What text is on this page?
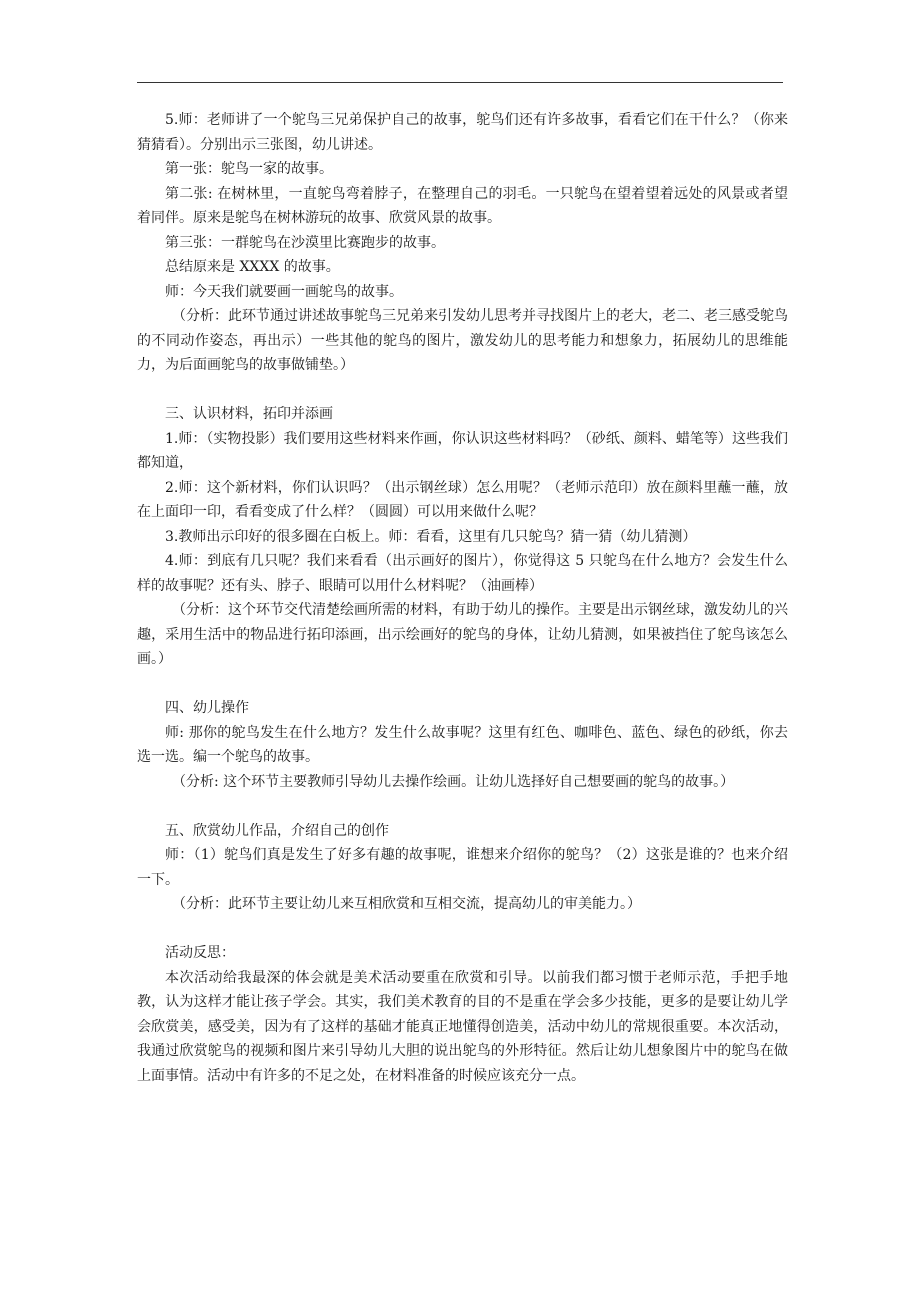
5.师：老师讲了一个鸵鸟三兄弟保护自己的故事，鸵鸟们还有许多故事，看看它们在干什么？（你来猜猜看）。分别出示三张图，幼儿讲述。
第一张：鸵鸟一家的故事。
第二张: 在树林里，一直鸵鸟弯着脖子，在整理自己的羽毛。一只鸵鸟在望着望着远处的风景或者望着同伴。原来是鸵鸟在树林游玩的故事、欣赏风景的故事。
第三张：一群鸵鸟在沙漠里比赛跑步的故事。
总结原来是 XXXX 的故事。
师：今天我们就要画一画鸵鸟的故事。
（分析：此环节通过讲述故事鸵鸟三兄弟来引发幼儿思考并寻找图片上的老大，老二、老三感受鸵鸟的不同动作姿态，再出示）一些其他的鸵鸟的图片，激发幼儿的思考能力和想象力，拓展幼儿的思维能力，为后面画鸵鸟的故事做铺垫。）
三、认识材料，拓印并添画
1.师：（实物投影）我们要用这些材料来作画，你认识这些材料吗？（砂纸、颜料、蜡笔等）这些我们都知道，
2.师：这个新材料，你们认识吗？（出示钢丝球）怎么用呢？（老师示范印）放在颜料里蘸一蘸，放在上面印一印，看看变成了什么样？（圆圆）可以用来做什么呢？
3.教师出示印好的很多圈在白板上。师：看看，这里有几只鸵鸟？猜一猜（幼儿猜测）
4.师：到底有几只呢？我们来看看（出示画好的图片），你觉得这 5 只鸵鸟在什么地方？会发生什么样的故事呢？还有头、脖子、眼睛可以用什么材料呢？（油画棒）
（分析：这个环节交代清楚绘画所需的材料，有助于幼儿的操作。主要是出示钢丝球，激发幼儿的兴趣，采用生活中的物品进行拓印添画，出示绘画好的鸵鸟的身体，让幼儿猜测，如果被挡住了鸵鸟该怎么画。）
四、幼儿操作
师: 那你的鸵鸟发生在什么地方？发生什么故事呢？这里有红色、咖啡色、蓝色、绿色的砂纸，你去选一选。编一个鸵鸟的故事。
（分析: 这个环节主要教师引导幼儿去操作绘画。让幼儿选择好自己想要画的鸵鸟的故事。）
五、欣赏幼儿作品，介绍自己的创作
师：（1）鸵鸟们真是发生了好多有趣的故事呢，谁想来介绍你的鸵鸟？（2）这张是谁的？也来介绍一下。
（分析：此环节主要让幼儿来互相欣赏和互相交流，提高幼儿的审美能力。）
活动反思：
本次活动给我最深的体会就是美术活动要重在欣赏和引导。以前我们都习惯于老师示范，手把手地教，认为这样才能让孩子学会。其实，我们美术教育的目的不是重在学会多少技能，更多的是要让幼儿学会欣赏美，感受美，因为有了这样的基础才能真正地懂得创造美，活动中幼儿的常规很重要。本次活动，我通过欣赏鸵鸟的视频和图片来引导幼儿大胆的说出鸵鸟的外形特征。然后让幼儿想象图片中的鸵鸟在做上面事情。活动中有许多的不足之处，在材料准备的时候应该充分一点。
